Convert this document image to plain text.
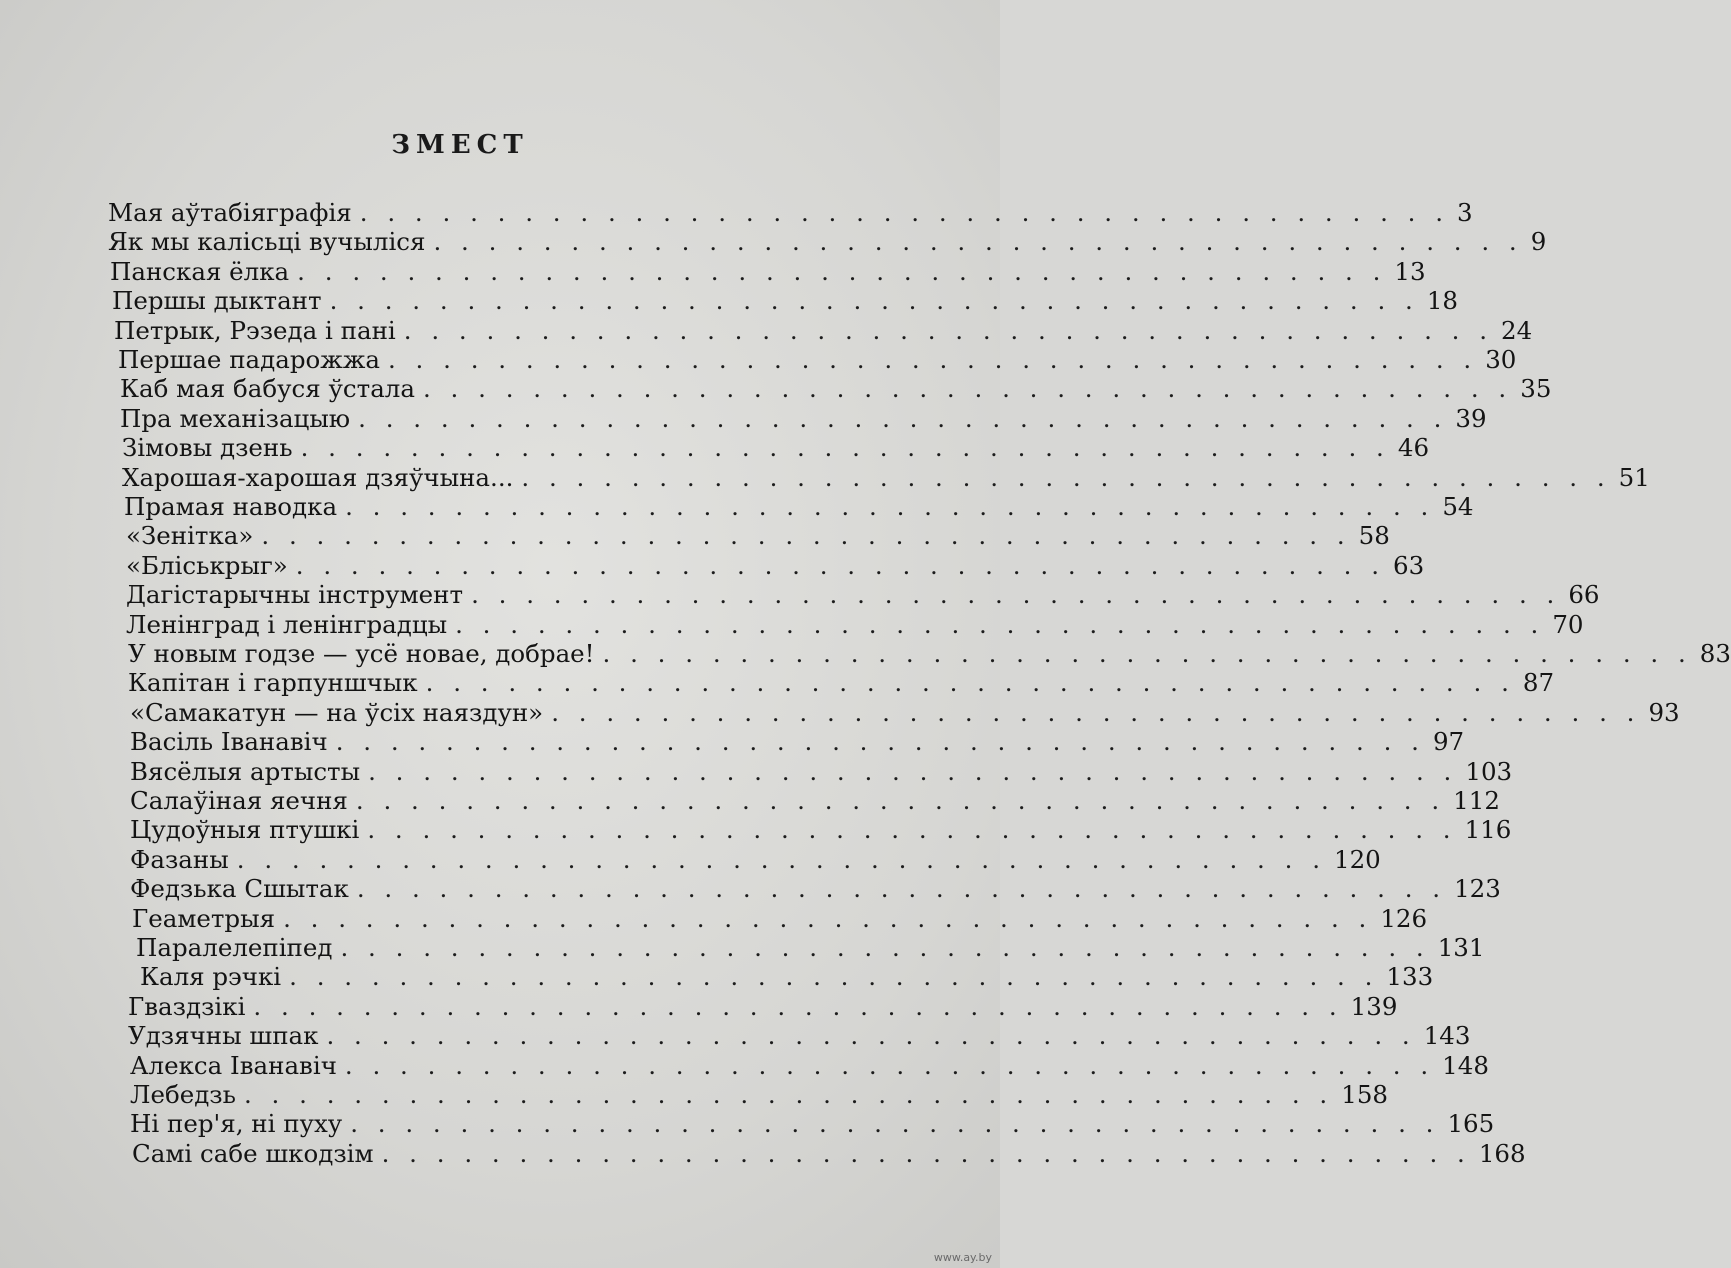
ЗМЕСТ
Мая аўтабіяграфія . . . . . . . . . . . . . . . . . . . . . . . . . . . . . . . . . . . . . . . . 3
Як мы калісьці вучыліся . . . . . . . . . . . . . . . . . . . . . . . . . . . . . . . . . . . . . . . . 9
Панская ёлка . . . . . . . . . . . . . . . . . . . . . . . . . . . . . . . . . . . . . . . . 13
Першы дыктант . . . . . . . . . . . . . . . . . . . . . . . . . . . . . . . . . . . . . . . . 18
Петрык, Рэзеда і пані . . . . . . . . . . . . . . . . . . . . . . . . . . . . . . . . . . . . . . . . 24
Першае падарожжа . . . . . . . . . . . . . . . . . . . . . . . . . . . . . . . . . . . . . . . . 30
Каб мая бабуся ўстала . . . . . . . . . . . . . . . . . . . . . . . . . . . . . . . . . . . . . . . . 35
Пра механізацыю . . . . . . . . . . . . . . . . . . . . . . . . . . . . . . . . . . . . . . . . 39
Зімовы дзень . . . . . . . . . . . . . . . . . . . . . . . . . . . . . . . . . . . . . . . . 46
Харошая-харошая дзяўчына... . . . . . . . . . . . . . . . . . . . . . . . . . . . . . . . . . . . . . . . . 51
Прамая наводка . . . . . . . . . . . . . . . . . . . . . . . . . . . . . . . . . . . . . . . . 54
«Зенітка» . . . . . . . . . . . . . . . . . . . . . . . . . . . . . . . . . . . . . . . . 58
«Бліськрыг» . . . . . . . . . . . . . . . . . . . . . . . . . . . . . . . . . . . . . . . . 63
Дагістарычны інструмент . . . . . . . . . . . . . . . . . . . . . . . . . . . . . . . . . . . . . . . . 66
Ленінград і ленінградцы . . . . . . . . . . . . . . . . . . . . . . . . . . . . . . . . . . . . . . . . 70
У новым годзе — усё новае, добрае! . . . . . . . . . . . . . . . . . . . . . . . . . . . . . . . . . . . . . . . . 83
Капітан і гарпуншчык . . . . . . . . . . . . . . . . . . . . . . . . . . . . . . . . . . . . . . . . 87
«Самакатун — на ўсіх наяздун» . . . . . . . . . . . . . . . . . . . . . . . . . . . . . . . . . . . . . . . . 93
Васіль Іванавіч . . . . . . . . . . . . . . . . . . . . . . . . . . . . . . . . . . . . . . . . 97
Вясёлыя артысты . . . . . . . . . . . . . . . . . . . . . . . . . . . . . . . . . . . . . . . . 103
Салаўіная яечня . . . . . . . . . . . . . . . . . . . . . . . . . . . . . . . . . . . . . . . . 112
Цудоўныя птушкі . . . . . . . . . . . . . . . . . . . . . . . . . . . . . . . . . . . . . . . . 116
Фазаны . . . . . . . . . . . . . . . . . . . . . . . . . . . . . . . . . . . . . . . . 120
Федзька Сшытак . . . . . . . . . . . . . . . . . . . . . . . . . . . . . . . . . . . . . . . . 123
Геаметрыя . . . . . . . . . . . . . . . . . . . . . . . . . . . . . . . . . . . . . . . . 126
Паралелепіпед . . . . . . . . . . . . . . . . . . . . . . . . . . . . . . . . . . . . . . . . 131
Каля рэчкі . . . . . . . . . . . . . . . . . . . . . . . . . . . . . . . . . . . . . . . . 133
Гваздзікі . . . . . . . . . . . . . . . . . . . . . . . . . . . . . . . . . . . . . . . . 139
Удзячны шпак . . . . . . . . . . . . . . . . . . . . . . . . . . . . . . . . . . . . . . . . 143
Алекса Іванавіч . . . . . . . . . . . . . . . . . . . . . . . . . . . . . . . . . . . . . . . . 148
Лебедзь . . . . . . . . . . . . . . . . . . . . . . . . . . . . . . . . . . . . . . . . 158
Ні пер'я, ні пуху . . . . . . . . . . . . . . . . . . . . . . . . . . . . . . . . . . . . . . . . 165
Самі сабе шкодзім . . . . . . . . . . . . . . . . . . . . . . . . . . . . . . . . . . . . . . . . 168
www.ay.by
